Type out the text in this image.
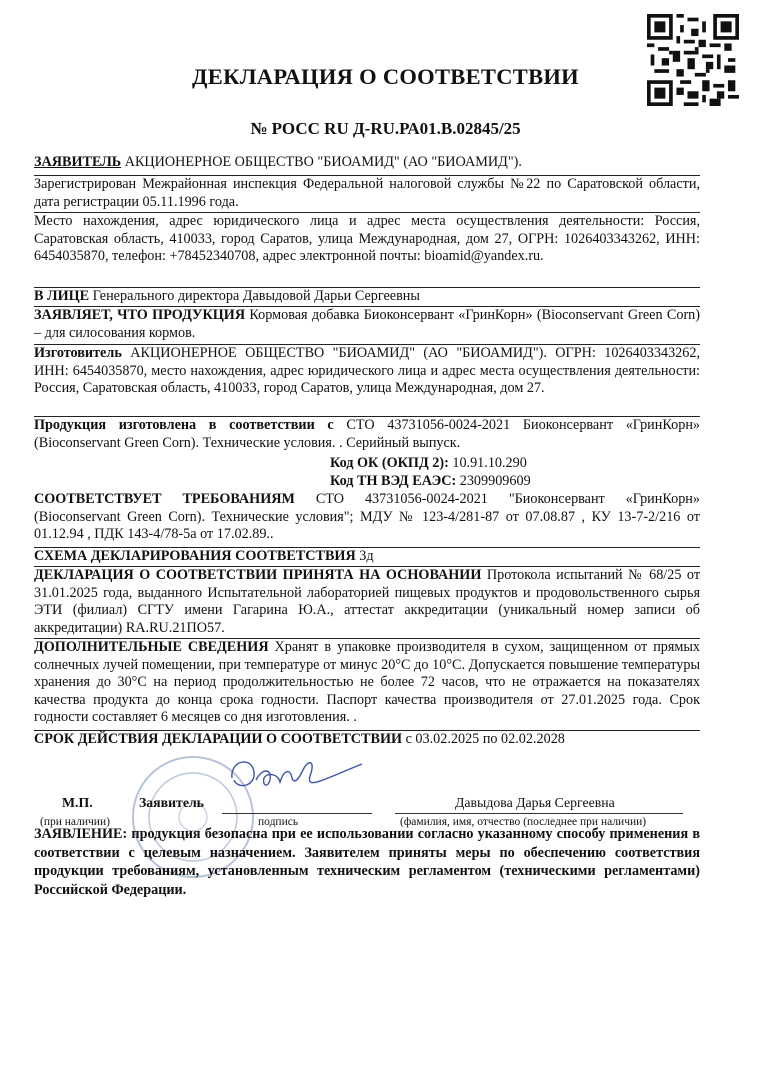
ДЕКЛАРАЦИЯ О СООТВЕТСТВИИ
№ РОСС RU Д-RU.РА01.В.02845/25
ЗАЯВИТЕЛЬ АКЦИОНЕРНОЕ ОБЩЕСТВО "БИОАМИД" (АО "БИОАМИД").
Зарегистрирован Межрайонная инспекция Федеральной налоговой службы №22 по Саратовской области, дата регистрации 05.11.1996 года.
Место нахождения, адрес юридического лица и адрес места осуществления деятельности: Россия, Саратовская область, 410033, город Саратов, улица Международная, дом 27, ОГРН: 1026403343262, ИНН: 6454035870, телефон: +78452340708, адрес электронной почты: bioamid@yandex.ru.
В ЛИЦЕ Генерального директора Давыдовой Дарьи Сергеевны
ЗАЯВЛЯЕТ, ЧТО ПРОДУКЦИЯ Кормовая добавка Биоконсервант «ГринКорн» (Bioconservant Green Corn) – для силосования кормов.
Изготовитель АКЦИОНЕРНОЕ ОБЩЕСТВО "БИОАМИД" (АО "БИОАМИД"). ОГРН: 1026403343262, ИНН: 6454035870, место нахождения, адрес юридического лица и адрес места осуществления деятельности: Россия, Саратовская область, 410033, город Саратов, улица Международная, дом 27.
Продукция изготовлена в соответствии с СТО 43731056-0024-2021 Биоконсервант «ГринКорн» (Bioconservant Green Corn). Технические условия. . Серийный выпуск.
Код ОК (ОКПД 2): 10.91.10.290
Код ТН ВЭД ЕАЭС: 2309909609
СООТВЕТСТВУЕТ ТРЕБОВАНИЯМ СТО 43731056-0024-2021 "Биоконсервант «ГринКорн» (Bioconservant Green Corn). Технические условия"; МДУ № 123-4/281-87 от 07.08.87 , КУ 13-7-2/216 от 01.12.94 , ПДК 143-4/78-5а от 17.02.89..
СХЕМА ДЕКЛАРИРОВАНИЯ СООТВЕТСТВИЯ 3д
ДЕКЛАРАЦИЯ О СООТВЕТСТВИИ ПРИНЯТА НА ОСНОВАНИИ Протокола испытаний № 68/25 от 31.01.2025 года, выданного Испытательной лабораторией пищевых продуктов и продовольственного сырья ЭТИ (филиал) СГТУ имени Гагарина Ю.А., аттестат аккредитации (уникальный номер записи об аккредитации) RA.RU.21ПО57.
ДОПОЛНИТЕЛЬНЫЕ СВЕДЕНИЯ Хранят в упаковке производителя в сухом, защищенном от прямых солнечных лучей помещении, при температуре от минус 20°С до 10°С. Допускается повышение температуры хранения до 30°С на период продолжительностью не более 72 часов, что не отражается на показателях качества продукта до конца срока годности. Паспорт качества производителя от 27.01.2025 года. Срок годности составляет 6 месяцев со дня изготовления. .
СРОК ДЕЙСТВИЯ ДЕКЛАРАЦИИ О СООТВЕТСТВИИ с 03.02.2025 по 02.02.2028
М.П.
(при наличии)
Заявитель
подпись
Давыдова Дарья Сергеевна
(фамилия, имя, отчество (последнее при наличии)
ЗАЯВЛЕНИЕ: продукция безопасна при ее использовании согласно указанному способу применения в соответствии с целевым назначением. Заявителем приняты меры по обеспечению соответствия продукции требованиям, установленным техническим регламентом (техническими регламентами) Российской Федерации.
